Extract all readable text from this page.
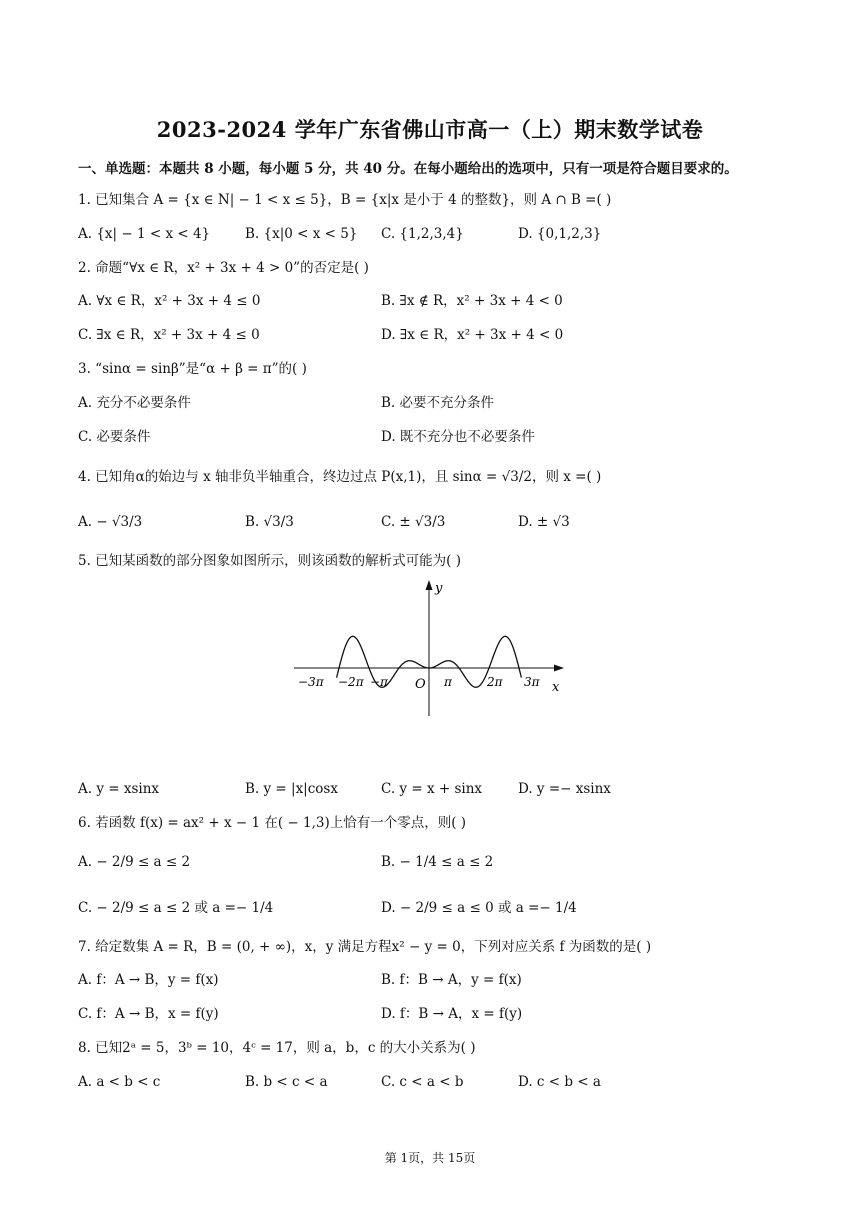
2023-2024 学年广东省佛山市高一（上）期末数学试卷
一、单选题：本题共 8 小题，每小题 5 分，共 40 分。在每小题给出的选项中，只有一项是符合题目要求的。
1. 已知集合 A = {x ∈ N| − 1 < x ≤ 5}，B = {x|x 是小于 4 的整数}，则 A ∩ B =( )
A. {x| − 1 < x < 4}	B. {x|0 < x < 5} C. {1,2,3,4}	D. {0,1,2,3}
2. 命题“∀x ∈ R，x² + 3x + 4 > 0”的否定是( )
A. ∀x ∈ R，x² + 3x + 4 ≤ 0	B. ∃x ∉ R，x² + 3x + 4 < 0
C. ∃x ∈ R，x² + 3x + 4 ≤ 0	D. ∃x ∈ R，x² + 3x + 4 < 0
3. “sinα = sinβ”是“α + β = π”的( )
A. 充分不必要条件	B. 必要不充分条件
C. 必要条件	D. 既不充分也不必要条件
4. 已知角α的始边与 x 轴非负半轴重合，终边过点 P(x,1)，且 sinα = √3/2，则 x =( )
A. − √3/3	B. √3/3	C. ± √3/3	D. ± √3
5. 已知某函数的部分图象如图所示，则该函数的解析式可能为( )
y
x
O
−3π −2π −π	π	2π 3π
A. y = xsinx	B. y = |x|cosx	C. y = x + sinx	D. y =− xsinx
6. 若函数 f(x) = ax² + x − 1 在( − 1,3)上恰有一个零点，则( )
A. − 2/9 ≤ a ≤ 2	B. − 1/4 ≤ a ≤ 2
C. − 2/9 ≤ a ≤ 2 或 a =− 1/4	D. − 2/9 ≤ a ≤ 0 或 a =− 1/4
7. 给定数集 A = R，B = (0, + ∞)，x，y 满足方程x² − y = 0，下列对应关系 f 为函数的是( )
A. f：A → B，y = f(x)	B. f：B → A，y = f(x)
C. f：A → B，x = f(y)	D. f：B → A，x = f(y)
8. 已知2ᵃ = 5，3ᵇ = 10，4ᶜ = 17，则 a，b，c 的大小关系为( )
A. a < b < c	B. b < c < a	C. c < a < b	D. c < b < a
第 1页，共 15页
